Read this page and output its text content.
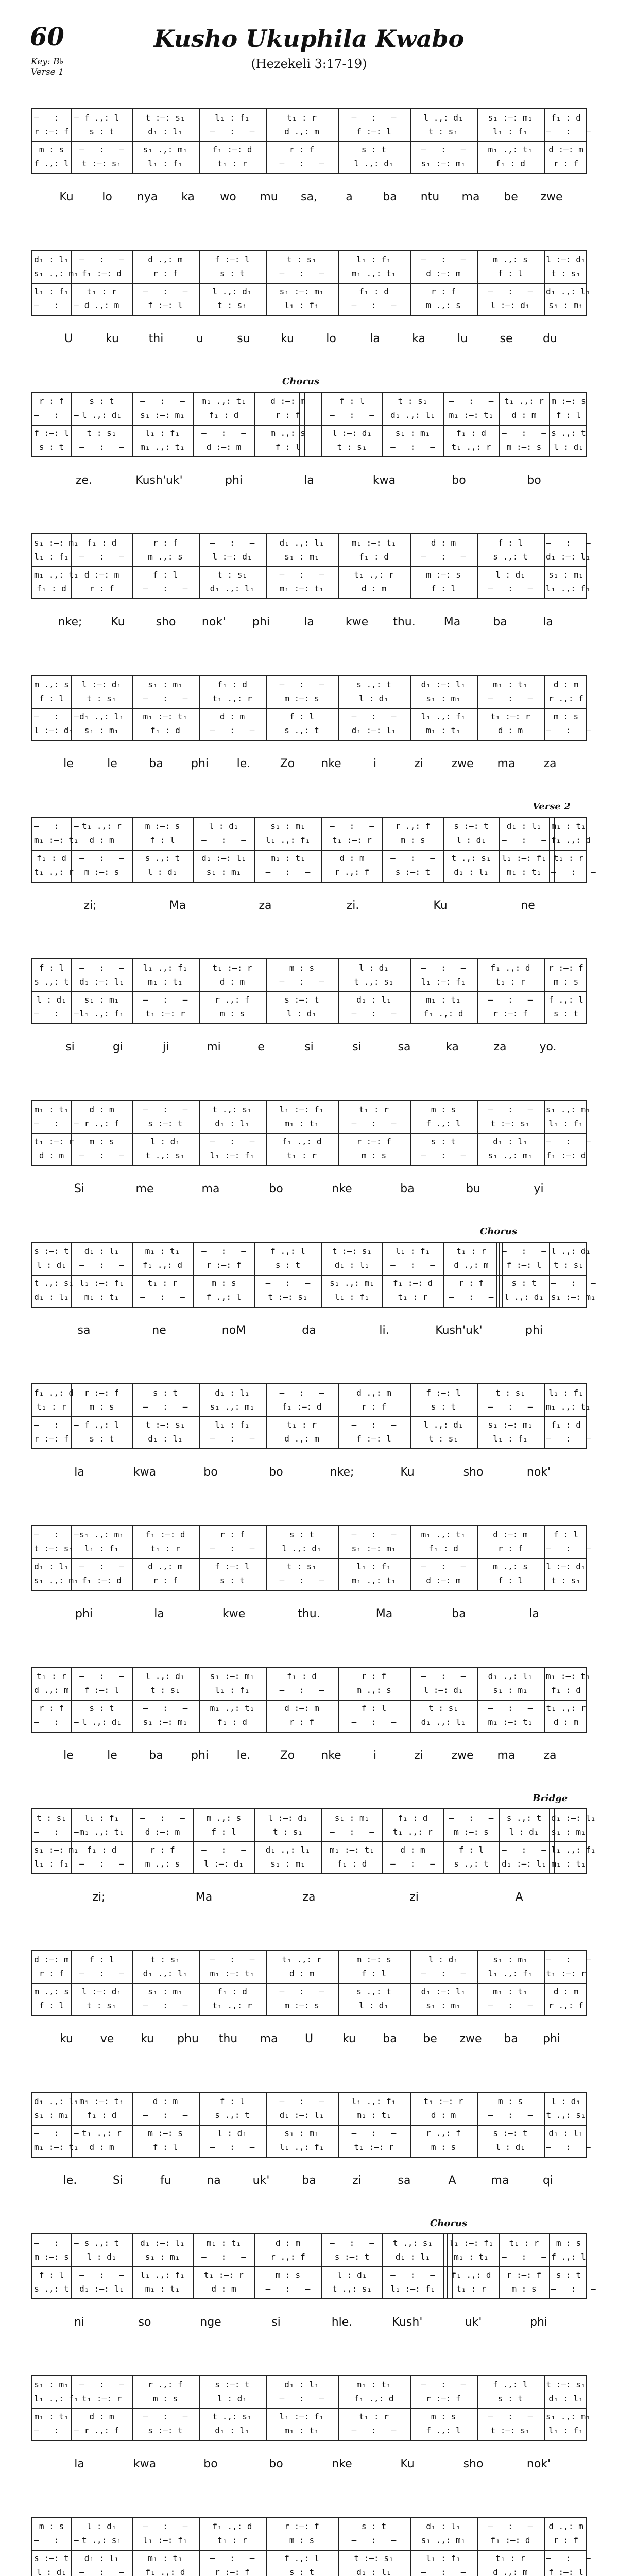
60
Key: B♭
Verse 1
Kusho Ukuphila Kwabo
(Hezekeli 3:17-19)
–   :   – f .,: l	t :–: s₁	l₁ : f₁	t₁ : r	–   :   –	l .,: d₁	s₁ :–: m₁	f₁ : d
r :–: f	s : t	d₁ : l₁	–   :   –	d .,: m	f :–: l	t : s₁	l₁ : f₁	–   :   –
m : s	–   :   –	s₁ .,: m₁	f₁ :–: d	r : f	s : t	–   :   –	m₁ .,: t₁	d :–: m
f .,: l	t :–: s₁	l₁ : f₁	t₁ : r	–   :   –	l .,: d₁	s₁ :–: m₁	f₁ : d	r : f
Ku	lo nya ka wo mu sa,	a	ba ntu ma be zwe
d₁ : l₁	–   :   –	d .,: m	f :–: l	t : s₁	l₁ : f₁	–   :   –	m .,: s	l :–: d₁
s₁ .,: m₁ f₁ :–: d	r : f	s : t	–   :   –	m₁ .,: t₁	d :–: m	f : l	t : s₁
l₁ : f₁	t₁ : r	–   :   –	l .,: d₁	s₁ :–: m₁	f₁ : d	r : f	–   :   –	d₁ .,: l₁
–   :   – d .,: m	f :–: l	t : s₁	l₁ : f₁	–   :   –	m .,: s	l :–: d₁	s₁ : m₁
U	ku	thi	u	su	ku	lo	la	ka	lu	se	du
Chorus
r : f	s : t	–   :   –	m₁ .,: t₁	d :–: m	f : l	t : s₁	–   :   –	t₁ .,: r m :–: s
–   :   – l .,: d₁	s₁ :–: m₁	f₁ : d	r : f	–   :   –	d₁ .,: l₁	m₁ :–: t₁	d : m	f : l
f :–: l	t : s₁	l₁ : f₁	–   :   –	m .,: s	l :–: d₁	s₁ : m₁	f₁ : d	–   :   – s .,: t
s : t	–   :   –	m₁ .,: t₁	d :–: m	f : l	t : s₁	–   :   –	t₁ .,: r	m :–: s	l : d₁
ze.	Kush'uk'	phi	la	kwa	bo	bo
s₁ :–: m₁ f₁ : d	r : f	–   :   –	d₁ .,: l₁	m₁ :–: t₁	d : m	f : l	–   :   –
l₁ : f₁	–   :   –	m .,: s	l :–: d₁	s₁ : m₁	f₁ : d	–   :   –	s .,: t	d₁ :–: l₁
m₁ .,: t₁ d :–: m	f : l	t : s₁	–   :   –	t₁ .,: r	m :–: s	l : d₁	s₁ : m₁
f₁ : d	r : f	–   :   –	d₁ .,: l₁	m₁ :–: t₁	d : m	f : l	–   :   –	l₁ .,: f₁
nke;	Ku	sho nok' phi	la	kwe thu.	Ma	ba	la
m .,: s	l :–: d₁	s₁ : m₁	f₁ : d	–   :   –	s .,: t	d₁ :–: l₁	m₁ : t₁	d : m
f : l	t : s₁	–   :   –	t₁ .,: r	m :–: s	l : d₁	s₁ : m₁	–   :   –	r .,: f
–   :   – d₁ .,: l₁	m₁ :–: t₁	d : m	f : l	–   :   –	l₁ .,: f₁	t₁ :–: r	m : s
l :–: d₁	s₁ : m₁	f₁ : d	–   :   –	s .,: t	d₁ :–: l₁	m₁ : t₁	d : m	–   :   –
le	le	ba phi le.	Zo nke	i	zi zwe ma	za
Verse 2
–   :   – t₁ .,: r	m :–: s	l : d₁	s₁ : m₁	–   :   –	r .,: f	s :–: t	d₁ : l₁	m₁ : t₁
m₁ :–: t₁	d : m	f : l	–   :   –	l₁ .,: f₁	t₁ :–: r	m : s	l : d₁	–   :   – f₁ .,: d
f₁ : d	–   :   –	s .,: t	d₁ :–: l₁	m₁ : t₁	d : m	–   :   –	t .,: s₁	l₁ :–: f₁ t₁ : r
t₁ .,: r	m :–: s	l : d₁	s₁ : m₁	–   :   –	r .,: f	s :–: t	d₁ : l₁	m₁ : t₁	–   :   –
zi;	Ma	za	zi.	Ku	ne
f : l	–   :   –	l₁ .,: f₁	t₁ :–: r	m : s	l : d₁	–   :   –	f₁ .,: d	r :–: f
s .,: t	d₁ :–: l₁	m₁ : t₁	d : m	–   :   –	t .,: s₁	l₁ :–: f₁	t₁ : r	m : s
l : d₁	s₁ : m₁	–   :   –	r .,: f	s :–: t	d₁ : l₁	m₁ : t₁	–   :   –	f .,: l
–   :   – l₁ .,: f₁	t₁ :–: r	m : s	l : d₁	–   :   –	f₁ .,: d	r :–: f	s : t
si	gi	ji	mi	e	si	si	sa	ka	za	yo.
m₁ : t₁	d : m	–   :   –	t .,: s₁	l₁ :–: f₁	t₁ : r	m : s	–   :   –	s₁ .,: m₁
–   :   – r .,: f	s :–: t	d₁ : l₁	m₁ : t₁	–   :   –	f .,: l	t :–: s₁	l₁ : f₁
t₁ :–: r	m : s	l : d₁	–   :   –	f₁ .,: d	r :–: f	s : t	d₁ : l₁	–   :   –
d : m	–   :   –	t .,: s₁	l₁ :–: f₁	t₁ : r	m : s	–   :   –	s₁ .,: m₁	f₁ :–: d
Si	me	ma	bo	nke	ba	bu	yi
Chorus
s :–: t	d₁ : l₁	m₁ : t₁	–   :   –	f .,: l	t :–: s₁	l₁ : f₁	t₁ : r	–   :   – l .,: d₁
l : d₁	–   :   –	f₁ .,: d	r :–: f	s : t	d₁ : l₁	–   :   –	d .,: m	f :–: l	t : s₁
t .,: s₁ l₁ :–: f₁	t₁ : r	m : s	–   :   –	s₁ .,: m₁	f₁ :–: d	r : f	s : t	–   :   –
d₁ : l₁	m₁ : t₁	–   :   –	f .,: l	t :–: s₁	l₁ : f₁	t₁ : r	–   :   –	l .,: d₁ s₁ :–: m₁
sa	ne	noM	da	li.	Kush'uk'	phi
f₁ .,: d	r :–: f	s : t	d₁ : l₁	–   :   –	d .,: m	f :–: l	t : s₁	l₁ : f₁
t₁ : r	m : s	–   :   –	s₁ .,: m₁	f₁ :–: d	r : f	s : t	–   :   –	m₁ .,: t₁
–   :   – f .,: l	t :–: s₁	l₁ : f₁	t₁ : r	–   :   –	l .,: d₁	s₁ :–: m₁	f₁ : d
r :–: f	s : t	d₁ : l₁	–   :   –	d .,: m	f :–: l	t : s₁	l₁ : f₁	–   :   –
la	kwa	bo	bo	nke;	Ku	sho	nok'
–   :   – s₁ .,: m₁	f₁ :–: d	r : f	s : t	–   :   –	m₁ .,: t₁	d :–: m	f : l
t :–: s₁	l₁ : f₁	t₁ : r	–   :   –	l .,: d₁	s₁ :–: m₁	f₁ : d	r : f	–   :   –
d₁ : l₁	–   :   –	d .,: m	f :–: l	t : s₁	l₁ : f₁	–   :   –	m .,: s	l :–: d₁
s₁ .,: m₁ f₁ :–: d	r : f	s : t	–   :   –	m₁ .,: t₁	d :–: m	f : l	t : s₁
phi	la	kwe	thu.	Ma	ba	la
t₁ : r	–   :   –	l .,: d₁	s₁ :–: m₁	f₁ : d	r : f	–   :   –	d₁ .,: l₁	m₁ :–: t₁
d .,: m	f :–: l	t : s₁	l₁ : f₁	–   :   –	m .,: s	l :–: d₁	s₁ : m₁	f₁ : d
r : f	s : t	–   :   –	m₁ .,: t₁	d :–: m	f : l	t : s₁	–   :   –	t₁ .,: r
–   :   – l .,: d₁	s₁ :–: m₁	f₁ : d	r : f	–   :   –	d₁ .,: l₁	m₁ :–: t₁	d : m
le	le	ba phi le.	Zo nke	i	zi zwe ma	za
Bridge
t : s₁	l₁ : f₁	–   :   –	m .,: s	l :–: d₁	s₁ : m₁	f₁ : d	–   :   –	s .,: t	d₁ :–: l₁
–   :   – m₁ .,: t₁	d :–: m	f : l	t : s₁	–   :   –	t₁ .,: r	m :–: s	l : d₁	s₁ : m₁
s₁ :–: m₁ f₁ : d	r : f	–   :   –	d₁ .,: l₁	m₁ :–: t₁	d : m	f : l	–   :   – l₁ .,: f₁
l₁ : f₁	–   :   –	m .,: s	l :–: d₁	s₁ : m₁	f₁ : d	–   :   –	s .,: t	d₁ :–: l₁ m₁ : t₁
zi;	Ma	za	zi	A
d :–: m	f : l	t : s₁	–   :   –	t₁ .,: r	m :–: s	l : d₁	s₁ : m₁	–   :   –
r : f	–   :   –	d₁ .,: l₁	m₁ :–: t₁	d : m	f : l	–   :   –	l₁ .,: f₁	t₁ :–: r
m .,: s	l :–: d₁	s₁ : m₁	f₁ : d	–   :   –	s .,: t	d₁ :–: l₁	m₁ : t₁	d : m
f : l	t : s₁	–   :   –	t₁ .,: r	m :–: s	l : d₁	s₁ : m₁	–   :   –	r .,: f
ku ve ku phu thu ma U	ku ba be zwe ba phi
d₁ .,: l₁ m₁ :–: t₁	d : m	f : l	–   :   –	l₁ .,: f₁	t₁ :–: r	m : s	l : d₁
s₁ : m₁	f₁ : d	–   :   –	s .,: t	d₁ :–: l₁	m₁ : t₁	d : m	–   :   –	t .,: s₁
–   :   – t₁ .,: r	m :–: s	l : d₁	s₁ : m₁	–   :   –	r .,: f	s :–: t	d₁ : l₁
m₁ :–: t₁	d : m	f : l	–   :   –	l₁ .,: f₁	t₁ :–: r	m : s	l : d₁	–   :   –
le.	Si	fu	na	uk'	ba	zi	sa	A	ma	qi
Chorus
–   :   – s .,: t	d₁ :–: l₁	m₁ : t₁	d : m	–   :   –	t .,: s₁	l₁ :–: f₁	t₁ : r	m : s
m :–: s	l : d₁	s₁ : m₁	–   :   –	r .,: f	s :–: t	d₁ : l₁	m₁ : t₁	–   :   – f .,: l
f : l	–   :   –	l₁ .,: f₁	t₁ :–: r	m : s	l : d₁	–   :   –	f₁ .,: d	r :–: f	s : t
s .,: t	d₁ :–: l₁	m₁ : t₁	d : m	–   :   –	t .,: s₁	l₁ :–: f₁	t₁ : r	m : s	–   :   –
ni	so	nge	si	hle.	Kush'	uk'	phi
s₁ : m₁	–   :   –	r .,: f	s :–: t	d₁ : l₁	m₁ : t₁	–   :   –	f .,: l	t :–: s₁
l₁ .,: f₁ t₁ :–: r	m : s	l : d₁	–   :   –	f₁ .,: d	r :–: f	s : t	d₁ : l₁
m₁ : t₁	d : m	–   :   –	t .,: s₁	l₁ :–: f₁	t₁ : r	m : s	–   :   –	s₁ .,: m₁
–   :   – r .,: f	s :–: t	d₁ : l₁	m₁ : t₁	–   :   –	f .,: l	t :–: s₁	l₁ : f₁
la	kwa	bo	bo	nke	Ku	sho	nok'
m : s	l : d₁	–   :   –	f₁ .,: d	r :–: f	s : t	d₁ : l₁	–   :   –	d .,: m
–   :   – t .,: s₁	l₁ :–: f₁	t₁ : r	m : s	–   :   –	s₁ .,: m₁	f₁ :–: d	r : f
s :–: t	d₁ : l₁	m₁ : t₁	–   :   –	f .,: l	t :–: s₁	l₁ : f₁	t₁ : r	–   :   –
l : d₁	–   :   –	f₁ .,: d	r :–: f	s : t	d₁ : l₁	–   :   –	d .,: m	f :–: l
